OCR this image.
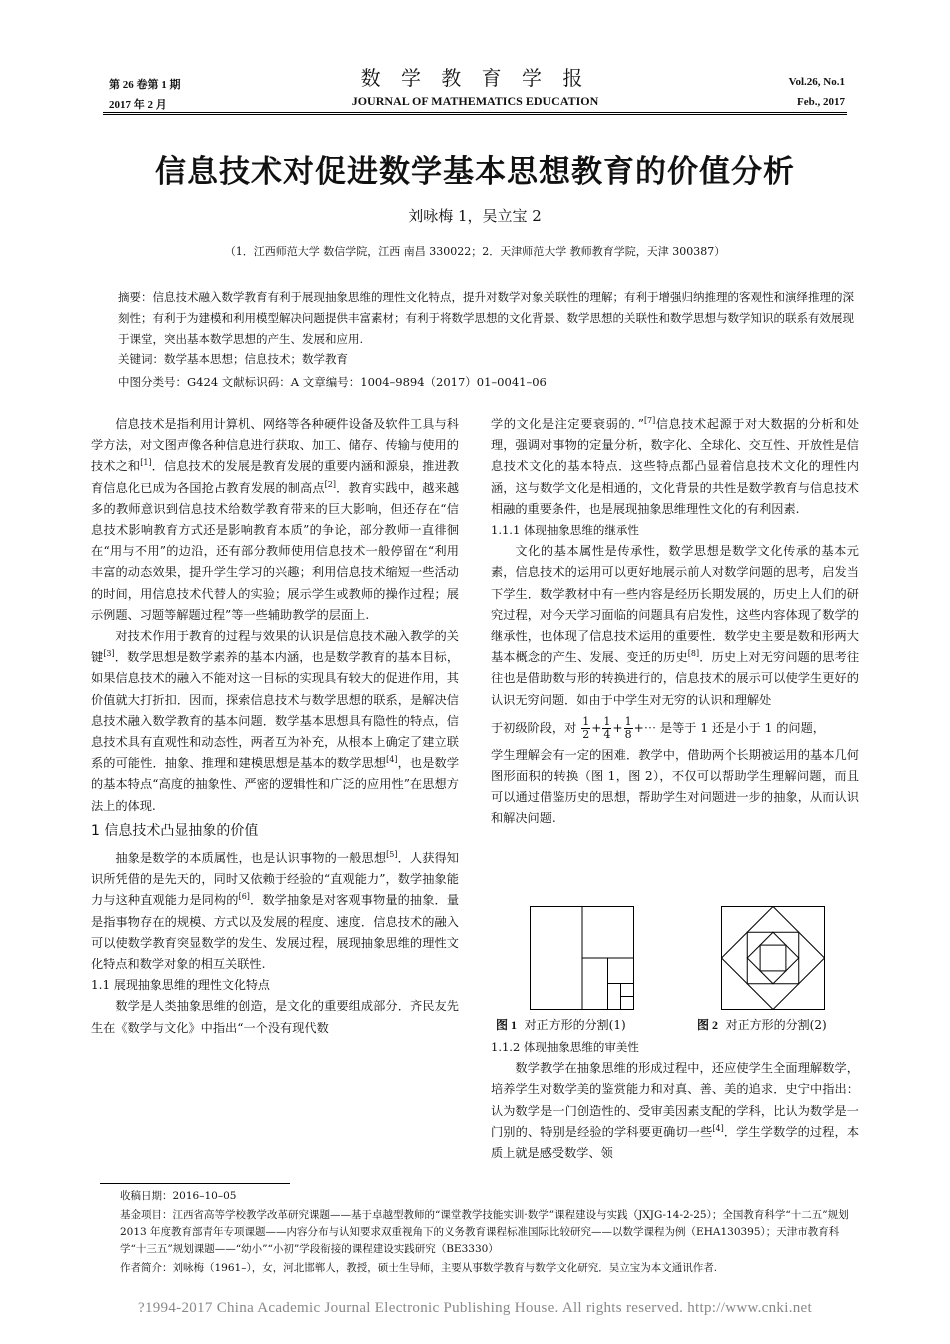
第 26 卷第 1 期
2017 年 2 月
数 学 教 育 学 报
JOURNAL OF MATHEMATICS EDUCATION
Vol.26, No.1
Feb., 2017
信息技术对促进数学基本思想教育的价值分析
刘咏梅 1，吴立宝 2
（1．江西师范大学 数信学院，江西 南昌 330022；2．天津师范大学 教师教育学院，天津 300387）

摘要：信息技术融入数学教育有利于展现抽象思维的理性文化特点，提升对数学对象关联性的理解；有利于增强归纳推理的客观性和演绎推理的深刻性；有利于为建模和利用模型解决问题提供丰富素材；有利于将数学思想的文化背景、数学思想的关联性和数学思想与数学知识的联系有效展现于课堂，突出基本数学思想的产生、发展和应用.

关键词：数学基本思想；信息技术；数学教育
中图分类号：G424 文献标识码：A 文章编号：1004–9894（2017）01–0041–06

信息技术是指利用计算机、网络等各种硬件设备及软件工具与科学方法，对文图声像各种信息进行获取、加工、储存、传输与使用的技术之和[1]．信息技术的发展是教育发展的重要内涵和源泉，推进教育信息化已成为各国抢占教育发展的制高点[2]．教育实践中，越来越多的教师意识到信息技术给数学教育带来的巨大影响，但还存在“信息技术影响教育方式还是影响教育本质”的争论，部分教师一直徘徊在“用与不用”的边沿，还有部分教师使用信息技术一般停留在“利用丰富的动态效果，提升学生学习的兴趣；利用信息技术缩短一些活动的时间，用信息技术代替人的实验；展示学生或教师的操作过程；展示例题、习题等解题过程”等一些辅助教学的层面上.

对技术作用于教育的过程与效果的认识是信息技术融入教学的关键[3]．数学思想是数学素养的基本内涵，也是数学教育的基本目标，如果信息技术的融入不能对这一目标的实现具有较大的促进作用，其价值就大打折扣．因而，探索信息技术与数学思想的联系，是解决信息技术融入数学教育的基本问题．数学基本思想具有隐性的特点，信息技术具有直观性和动态性，两者互为补充，从根本上确定了建立联系的可能性．抽象、推理和建模思想是基本的数学思想[4]，也是数学的基本特点“高度的抽象性、严密的逻辑性和广泛的应用性”在思想方法上的体现.

1 信息技术凸显抽象的价值

抽象是数学的本质属性，也是认识事物的一般思想[5]．人获得知识所凭借的是先天的，同时又依赖于经验的“直观能力”，数学抽象能力与这种直观能力是同构的[6]．数学抽象是对客观事物量的抽象．量是指事物存在的规模、方式以及发展的程度、速度．信息技术的融入可以使数学教育突显数学的发生、发展过程，展现抽象思维的理性文化特点和数学对象的相互关联性.

1.1 展现抽象思维的理性文化特点

数学是人类抽象思维的创造，是文化的重要组成部分．齐民友先生在《数学与文化》中指出“一个没有现代数

学的文化是注定要衰弱的．”[7]信息技术起源于对大数据的分析和处理，强调对事物的定量分析，数字化、全球化、交互性、开放性是信息技术文化的基本特点．这些特点都凸显着信息技术文化的理性内涵，这与数学文化是相通的，文化背景的共性是数学教育与信息技术相融的重要条件，也是展现抽象思维理性文化的有利因素.

1.1.1 体现抽象思维的继承性

文化的基本属性是传承性，数学思想是数学文化传承的基本元素，信息技术的运用可以更好地展示前人对数学问题的思考，启发当下学生．数学教材中有一些内容是经历长期发展的，历史上人们的研究过程，对今天学习面临的问题具有启发性，这些内容体现了数学的继承性，也体现了信息技术运用的重要性．数学史主要是数和形两大基本概念的产生、发展、变迁的历史[8]．历史上对无穷问题的思考往往也是借助数与形的转换进行的，信息技术的展示可以使学生更好的认识无穷问题．如由于中学生对无穷的认识和理解处

于初级阶段，对 $\frac{1}{2} + \frac{1}{4} + \frac{1}{8}$ +⋯ 是等于 1 还是小于 1 的问题，

学生理解会有一定的困难．教学中，借助两个长期被运用的基本几何图形面积的转换（图 1，图 2），不仅可以帮助学生理解问题，而且可以通过借鉴历史的思想，帮助学生对问题进一步的抽象，从而认识和解决问题.

图 1 对正方形的分割(1)	图 2 对正方形的分割(2)
1.1.2 体现抽象思维的审美性

数学教学在抽象思维的形成过程中，还应使学生全面理解数学，培养学生对数学美的鉴赏能力和对真、善、美的追求．史宁中指出：认为数学是一门创造性的、受审美因素支配的学科，比认为数学是一门别的、特别是经验的学科要更确切一些[4]．学生学数学的过程，本质上就是感受数学、领

收稿日期：2016–10–05

基金项目：江西省高等学校教学改革研究课题——基于卓越型教师的“课堂教学技能实训·数学”课程建设与实践（JXJG-14-2-25）；全国教育科学“十二五”规划 2013 年度教育部青年专项课题——内容分布与认知要求双重视角下的义务教育课程标准国际比较研究——以数学课程为例（EHA130395）；天津市教育科学“十三五”规划课题——“幼小”“小初”学段衔接的课程建设实践研究（BE3330）

作者简介：刘咏梅（1961–），女，河北邯郸人，教授，硕士生导师，主要从事数学教育与数学文化研究．吴立宝为本文通讯作者.

?1994-2017 China Academic Journal Electronic Publishing House. All rights reserved. http://www.cnki.net
